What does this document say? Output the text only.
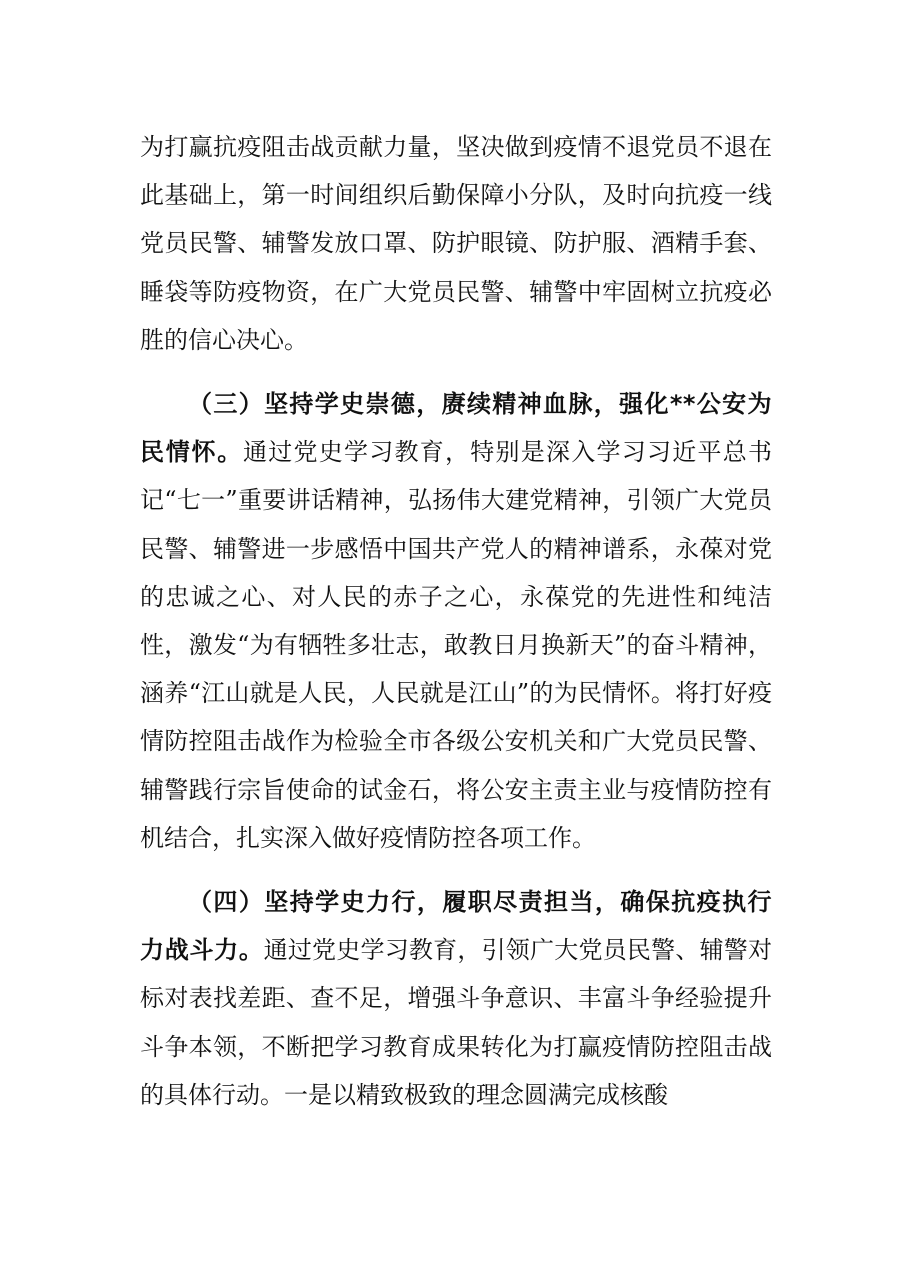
为打赢抗疫阻击战贡献力量，坚决做到疫情不退党员不退在此基础上，第一时间组织后勤保障小分队，及时向抗疫一线党员民警、辅警发放口罩、防护眼镜、防护服、酒精手套、睡袋等防疫物资，在广大党员民警、辅警中牢固树立抗疫必胜的信心决心。

（三）坚持学史崇德，赓续精神血脉，强化**公安为民情怀。通过党史学习教育，特别是深入学习习近平总书记“七一”重要讲话精神，弘扬伟大建党精神，引领广大党员民警、辅警进一步感悟中国共产党人的精神谱系，永葆对党的忠诚之心、对人民的赤子之心，永葆党的先进性和纯洁性，激发“为有牺牲多壮志，敢教日月换新天”的奋斗精神，涵养“江山就是人民，人民就是江山”的为民情怀。将打好疫情防控阻击战作为检验全市各级公安机关和广大党员民警、辅警践行宗旨使命的试金石，将公安主责主业与疫情防控有机结合，扎实深入做好疫情防控各项工作。

（四）坚持学史力行，履职尽责担当，确保抗疫执行力战斗力。通过党史学习教育，引领广大党员民警、辅警对标对表找差距、查不足，增强斗争意识、丰富斗争经验提升斗争本领，不断把学习教育成果转化为打赢疫情防控阻击战的具体行动。一是以精致极致的理念圆满完成核酸
